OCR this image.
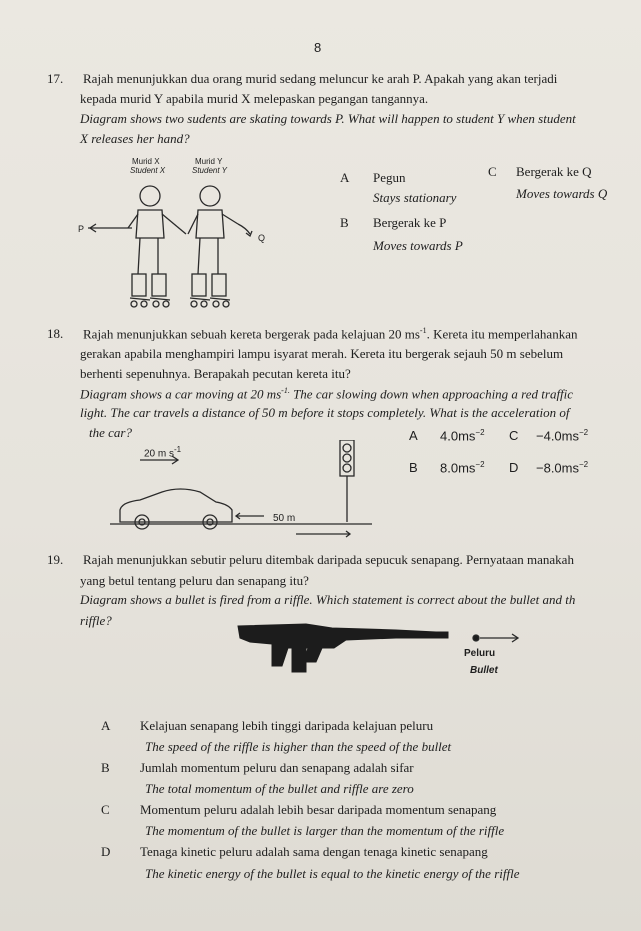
8
17. Rajah menunjukkan dua orang murid sedang meluncur ke arah P. Apakah yang akan terjadi
kepada murid Y apabila murid X melepaskan pegangan tangannya.
Diagram shows two sudents are skating towards P. What will happen to student Y when student
X releases her hand?
Murid X
Student X
Murid Y
Student Y
P
Q
A Pegun
Stays stationary
B Bergerak ke P
Moves towards P
C Bergerak ke Q
Moves towards Q
18. Rajah menunjukkan sebuah kereta bergerak pada kelajuan 20 $ms^{-1}$. Kereta itu memperlahankan
gerakan apabila menghampiri lampu isyarat merah. Kereta itu bergerak sejauh 50 m sebelum
berhenti sepenuhnya. Berapakah pecutan kereta itu?
Diagram shows a car moving at 20 $ms^{-1.}$ The car slowing down when approaching a red traffic
light. The car travels a distance of 50 m before it stops completely. What is the acceleration of
the car?
20 m $s^{-1}$
50 m
A $4.0ms^{-2}$
B $8.0ms^{-2}$
$C -4.0ms^{-2}$
$D -8.0ms^{-2}$
19. Rajah menunjukkan sebutir peluru ditembak daripada sepucuk senapang. Pernyataan manakah
yang betul tentang peluru dan senapang itu?
Diagram shows a bullet is fired from a riffle. Which statement is correct about the bullet and th
riffle?
Peluru
Bullet
A Kelajuan senapang lebih tinggi daripada kelajuan peluru
The speed of the riffle is higher than the speed of the bullet
B Jumlah momentum peluru dan senapang adalah sifar
The total momentum of the bullet and riffle are zero
C Momentum peluru adalah lebih besar daripada momentum senapang
The momentum of the bullet is larger than the momentum of the riffle
D Tenaga kinetic peluru adalah sama dengan tenaga kinetic senapang
The kinetic energy of the bullet is equal to the kinetic energy of the riffle
